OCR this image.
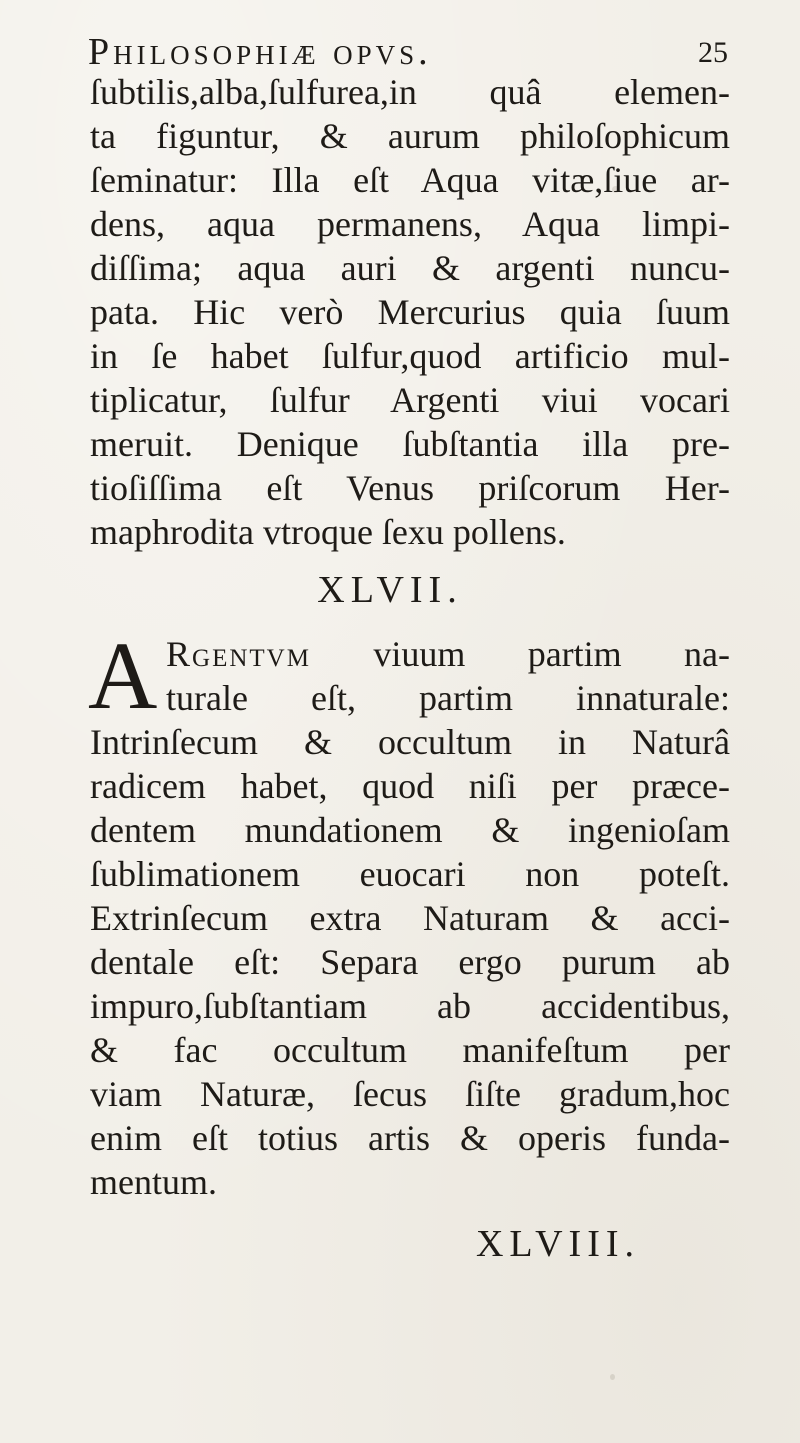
Philosophiæ opvs.	25
ſubtilis,alba,ſulfurea,in quâ elemen-
ta figuntur, & aurum philoſophicum
ſeminatur: Illa eſt Aqua vitæ,ſiue ar-
dens, aqua permanens, Aqua limpi-
diſſima; aqua auri & argenti nuncu-
pata. Hic verò Mercurius quia ſuum
in ſe habet ſulfur,quod artificio mul-
tiplicatur, ſulfur Argenti viui vocari
meruit. Denique ſubſtantia illa pre-
tioſiſſima eſt Venus priſcorum Her-
maphrodita vtroque ſexu pollens.
XLVII.
A Rgentvm viuum partim na-
turale eſt, partim innaturale:
Intrinſecum & occultum in Naturâ
radicem habet, quod niſi per præce-
dentem mundationem & ingenioſam
ſublimationem euocari non poteſt.
Extrinſecum extra Naturam & acci-
dentale eſt: Separa ergo purum ab
impuro,ſubſtantiam ab accidentibus,
& fac occultum manifeſtum per
viam Naturæ, ſecus ſiſte gradum,hoc
enim eſt totius artis & operis funda-
mentum.
XLVIII.
